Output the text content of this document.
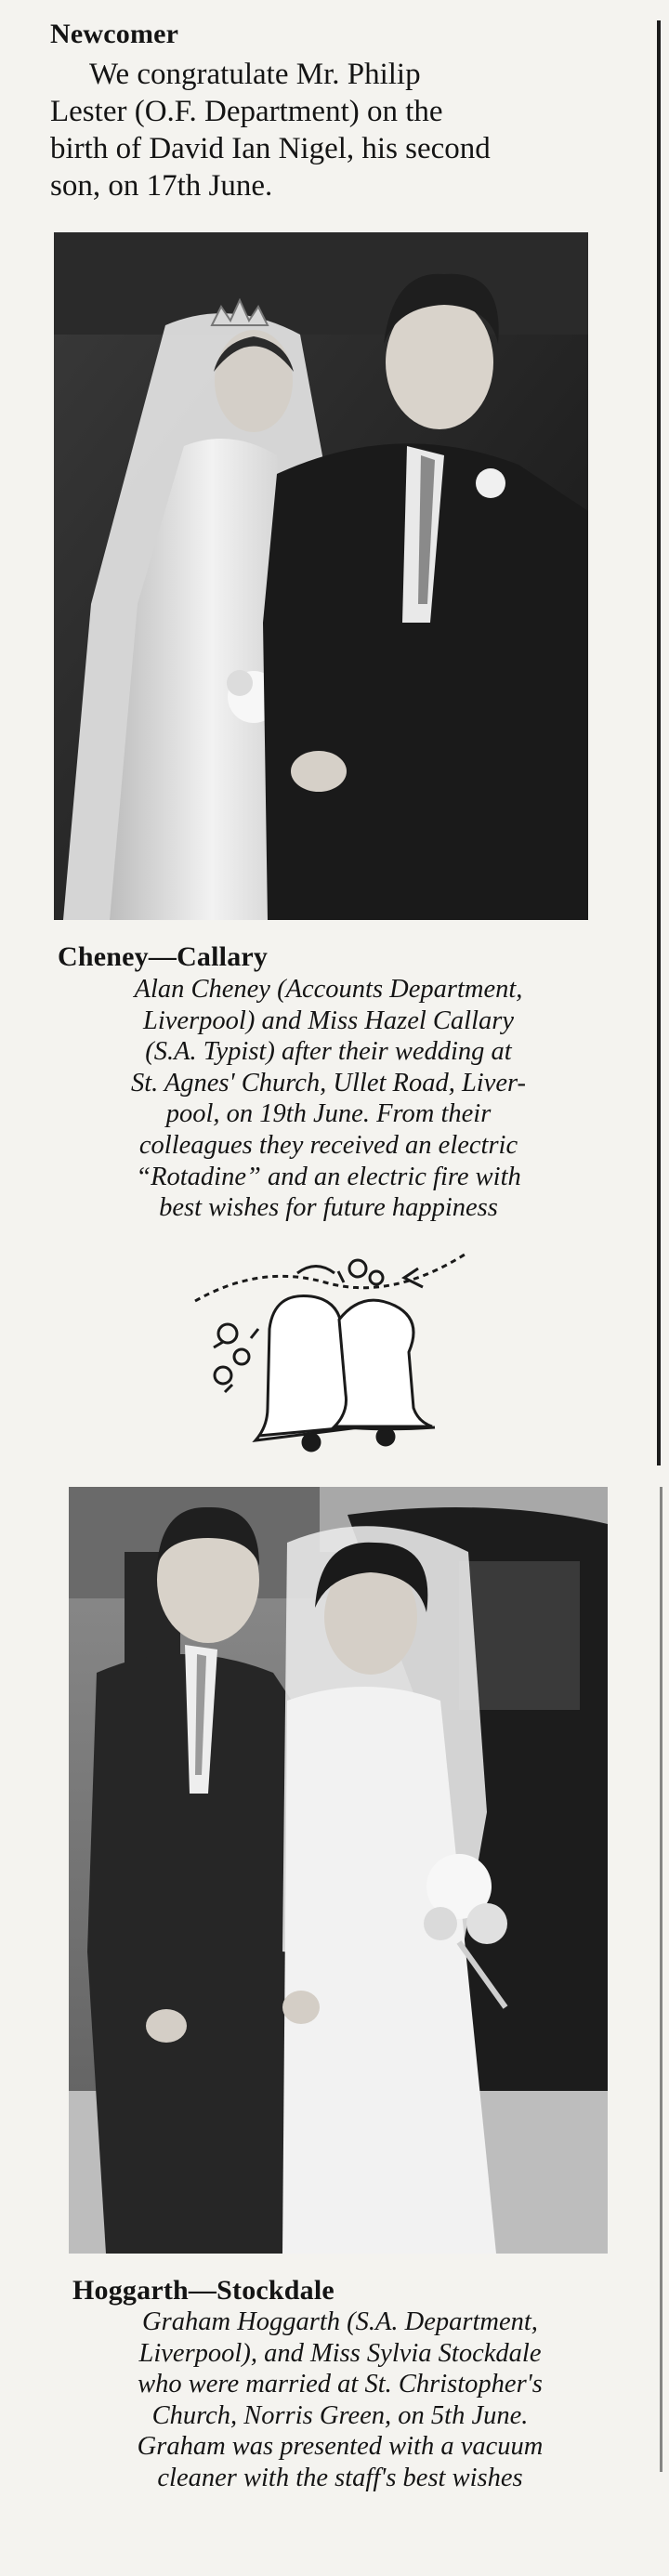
Newcomer
We congratulate Mr. Philip
Lester (O.F. Department) on the
birth of David Ian Nigel, his second
son, on 17th June.
Cheney—Callary
Alan Cheney (Accounts Department,
Liverpool) and Miss Hazel Callary
(S.A. Typist) after their wedding at
St. Agnes' Church, Ullet Road, Liver-
pool, on 19th June. From their
colleagues they received an electric
“Rotadine” and an electric fire with
best wishes for future happiness
Hoggarth—Stockdale
Graham Hoggarth (S.A. Department,
Liverpool), and Miss Sylvia Stockdale
who were married at St. Christopher's
Church, Norris Green, on 5th June.
Graham was presented with a vacuum
cleaner with the staff's best wishes
